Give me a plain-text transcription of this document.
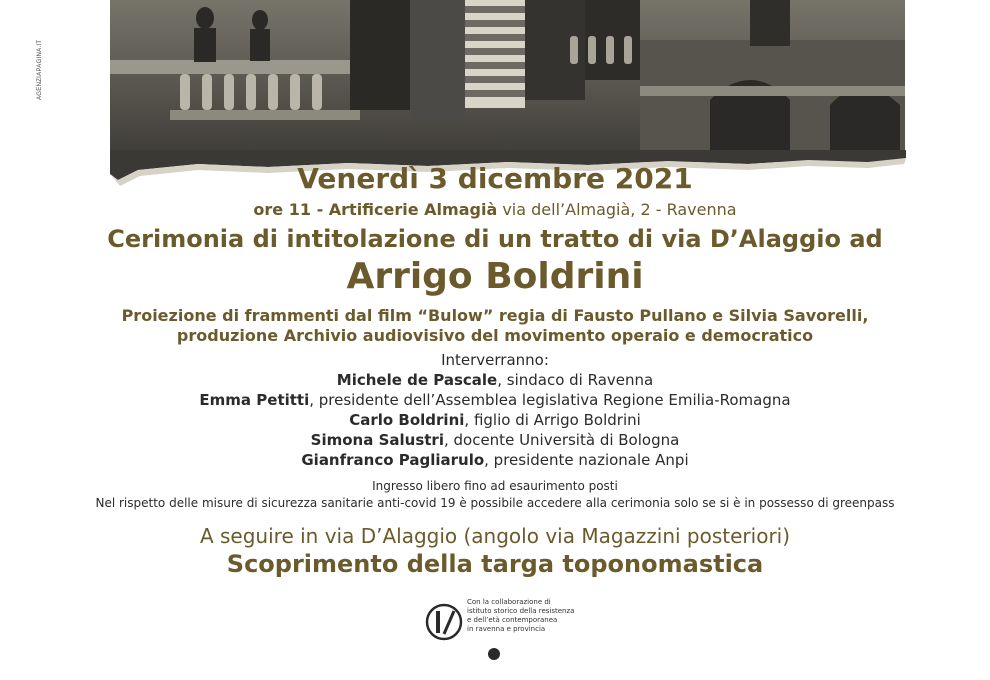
AGENZIAPAGINA.IT
Venerdì 3 dicembre 2021
ore 11 - Artificerie Almagià via dell’Almagià, 2 - Ravenna
Cerimonia di intitolazione di un tratto di via D’Alaggio ad
Arrigo Boldrini
Proiezione di frammenti dal film “Bulow” regia di Fausto Pullano e Silvia Savorelli,
produzione Archivio audiovisivo del movimento operaio e democratico
Interverranno:
Michele de Pascale, sindaco di Ravenna
Emma Petitti, presidente dell’Assemblea legislativa Regione Emilia-Romagna
Carlo Boldrini, figlio di Arrigo Boldrini
Simona Salustri, docente Università di Bologna
Gianfranco Pagliarulo, presidente nazionale Anpi
Ingresso libero fino ad esaurimento posti
Nel rispetto delle misure di sicurezza sanitarie anti-covid 19 è possibile accedere alla cerimonia solo se si è in possesso di greenpass
A seguire in via D’Alaggio (angolo via Magazzini posteriori)
Scoprimento della targa toponomastica
Con la collaborazione di
istituto storico della resistenza
e dell’età contemporanea
in ravenna e provincia
